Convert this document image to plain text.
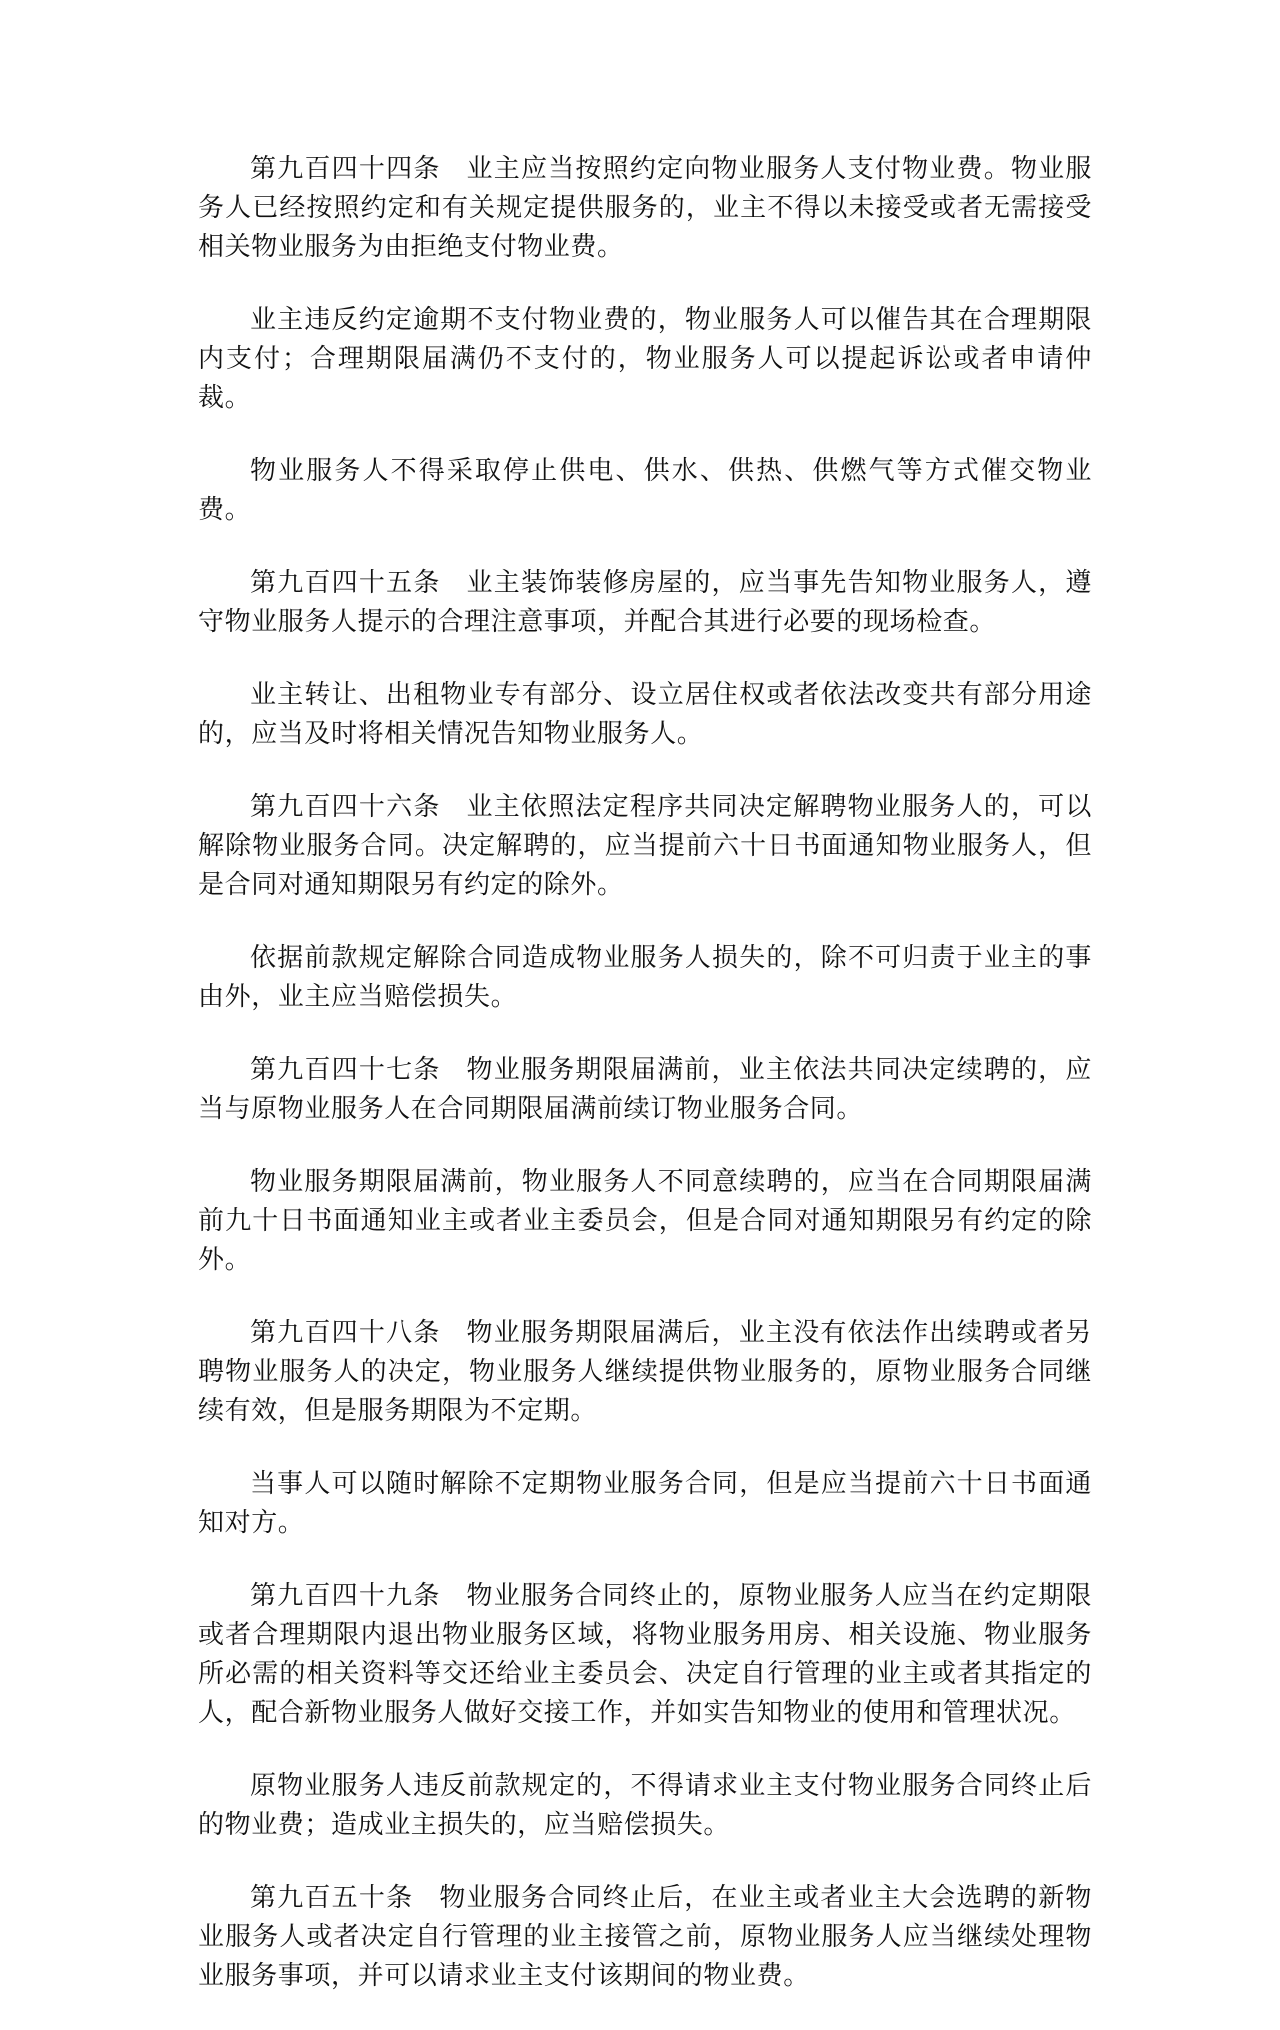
第九百四十四条 业主应当按照约定向物业服务人支付物业费。物业服务人已经按照约定和有关规定提供服务的，业主不得以未接受或者无需接受相关物业服务为由拒绝支付物业费。

业主违反约定逾期不支付物业费的，物业服务人可以催告其在合理期限内支付；合理期限届满仍不支付的，物业服务人可以提起诉讼或者申请仲裁。

物业服务人不得采取停止供电、供水、供热、供燃气等方式催交物业费。

第九百四十五条 业主装饰装修房屋的，应当事先告知物业服务人，遵守物业服务人提示的合理注意事项，并配合其进行必要的现场检查。

业主转让、出租物业专有部分、设立居住权或者依法改变共有部分用途的，应当及时将相关情况告知物业服务人。

第九百四十六条 业主依照法定程序共同决定解聘物业服务人的，可以解除物业服务合同。决定解聘的，应当提前六十日书面通知物业服务人，但是合同对通知期限另有约定的除外。

依据前款规定解除合同造成物业服务人损失的，除不可归责于业主的事由外，业主应当赔偿损失。

第九百四十七条 物业服务期限届满前，业主依法共同决定续聘的，应当与原物业服务人在合同期限届满前续订物业服务合同。

物业服务期限届满前，物业服务人不同意续聘的，应当在合同期限届满前九十日书面通知业主或者业主委员会，但是合同对通知期限另有约定的除外。

第九百四十八条 物业服务期限届满后，业主没有依法作出续聘或者另聘物业服务人的决定，物业服务人继续提供物业服务的，原物业服务合同继续有效，但是服务期限为不定期。

当事人可以随时解除不定期物业服务合同，但是应当提前六十日书面通知对方。

第九百四十九条 物业服务合同终止的，原物业服务人应当在约定期限或者合理期限内退出物业服务区域，将物业服务用房、相关设施、物业服务所必需的相关资料等交还给业主委员会、决定自行管理的业主或者其指定的人，配合新物业服务人做好交接工作，并如实告知物业的使用和管理状况。

原物业服务人违反前款规定的，不得请求业主支付物业服务合同终止后的物业费；造成业主损失的，应当赔偿损失。

第九百五十条 物业服务合同终止后，在业主或者业主大会选聘的新物业服务人或者决定自行管理的业主接管之前，原物业服务人应当继续处理物业服务事项，并可以请求业主支付该期间的物业费。
